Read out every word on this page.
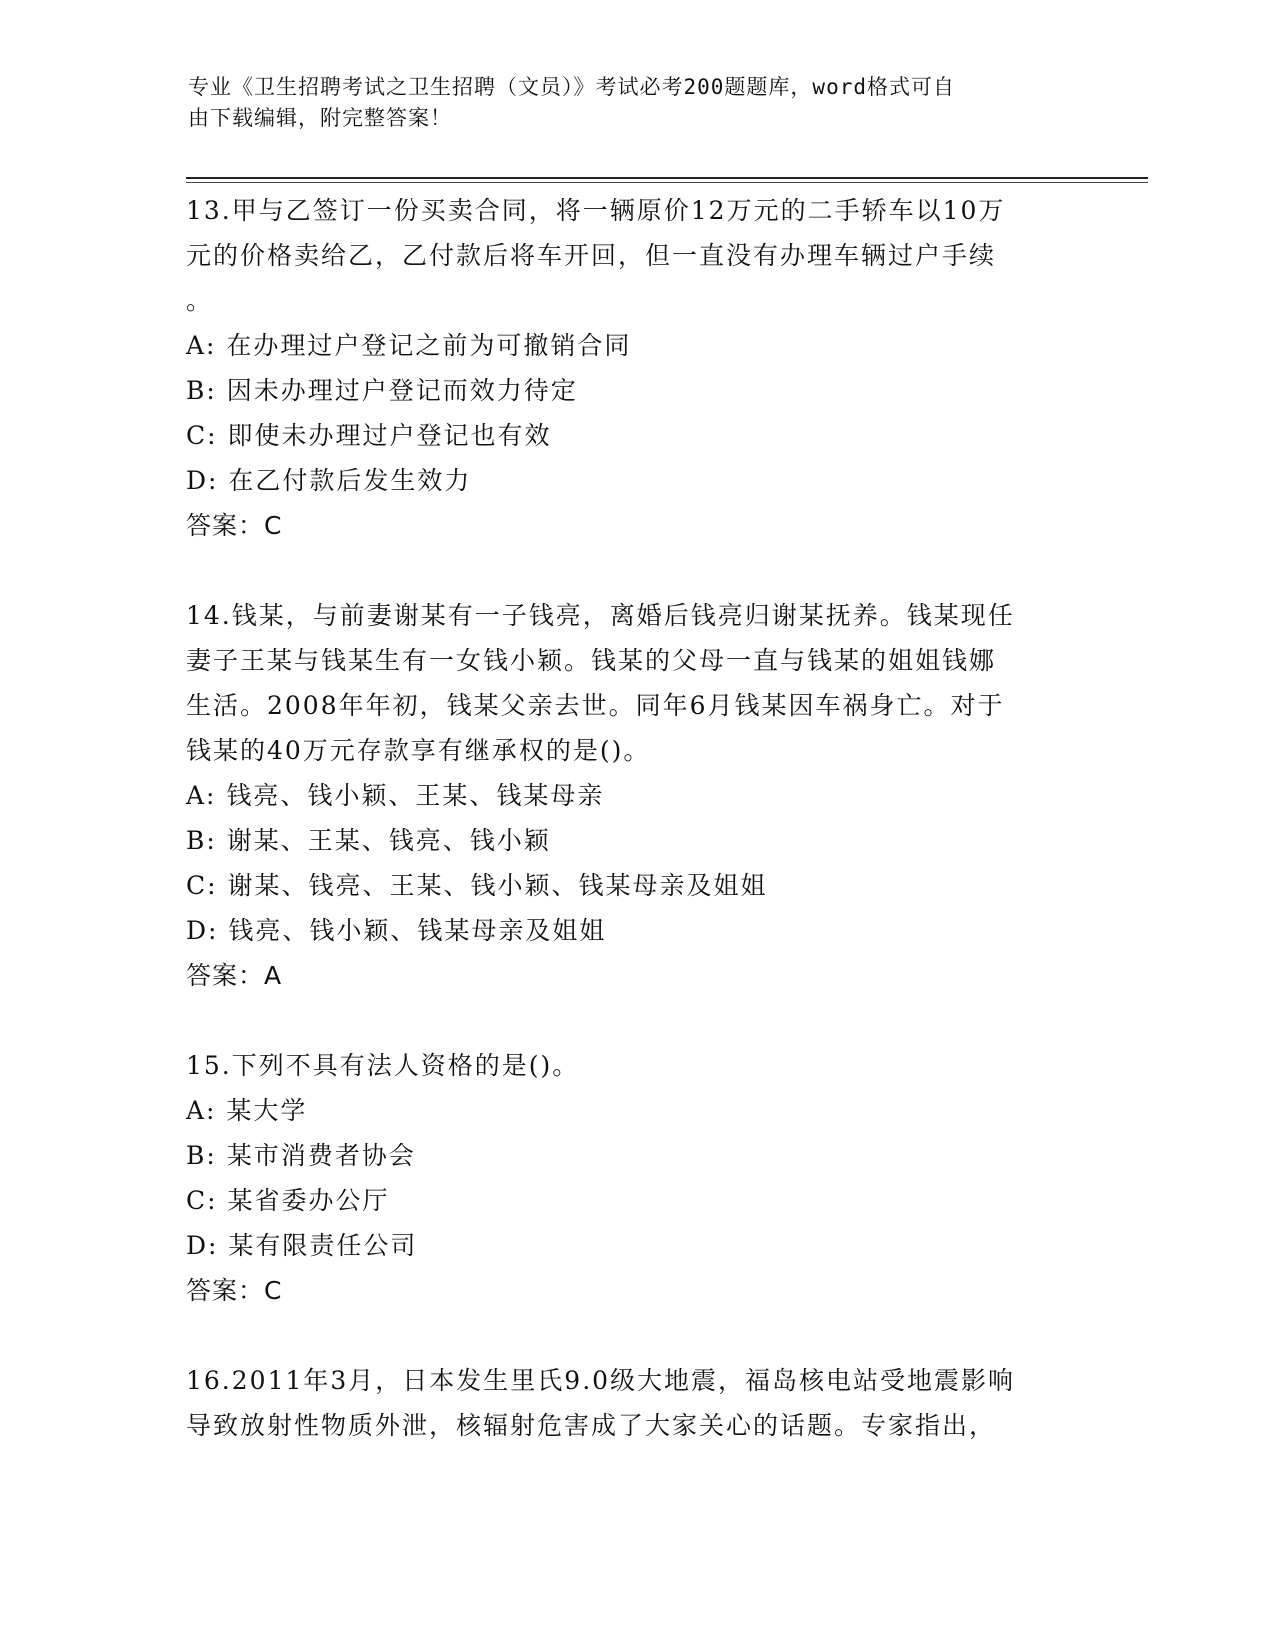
专业《卫生招聘考试之卫生招聘（文员）》考试必考200题题库，word格式可自
由下载编辑，附完整答案！

13.甲与乙签订一份买卖合同，将一辆原价12万元的二手轿车以10万

元的价格卖给乙，乙付款后将车开回，但一直没有办理车辆过户手续

。

A: 在办理过户登记之前为可撤销合同

B: 因未办理过户登记而效力待定

C: 即使未办理过户登记也有效

D: 在乙付款后发生效力

答案：C

14.钱某，与前妻谢某有一子钱亮，离婚后钱亮归谢某抚养。钱某现任

妻子王某与钱某生有一女钱小颖。钱某的父母一直与钱某的姐姐钱娜

生活。2008年年初，钱某父亲去世。同年6月钱某因车祸身亡。对于

钱某的40万元存款享有继承权的是()。

A: 钱亮、钱小颖、王某、钱某母亲

B: 谢某、王某、钱亮、钱小颖

C: 谢某、钱亮、王某、钱小颖、钱某母亲及姐姐

D: 钱亮、钱小颖、钱某母亲及姐姐

答案：A

15.下列不具有法人资格的是()。

A: 某大学

B: 某市消费者协会

C: 某省委办公厅

D: 某有限责任公司

答案：C

16.2011年3月，日本发生里氏9.0级大地震，福岛核电站受地震影响

导致放射性物质外泄，核辐射危害成了大家关心的话题。专家指出，
